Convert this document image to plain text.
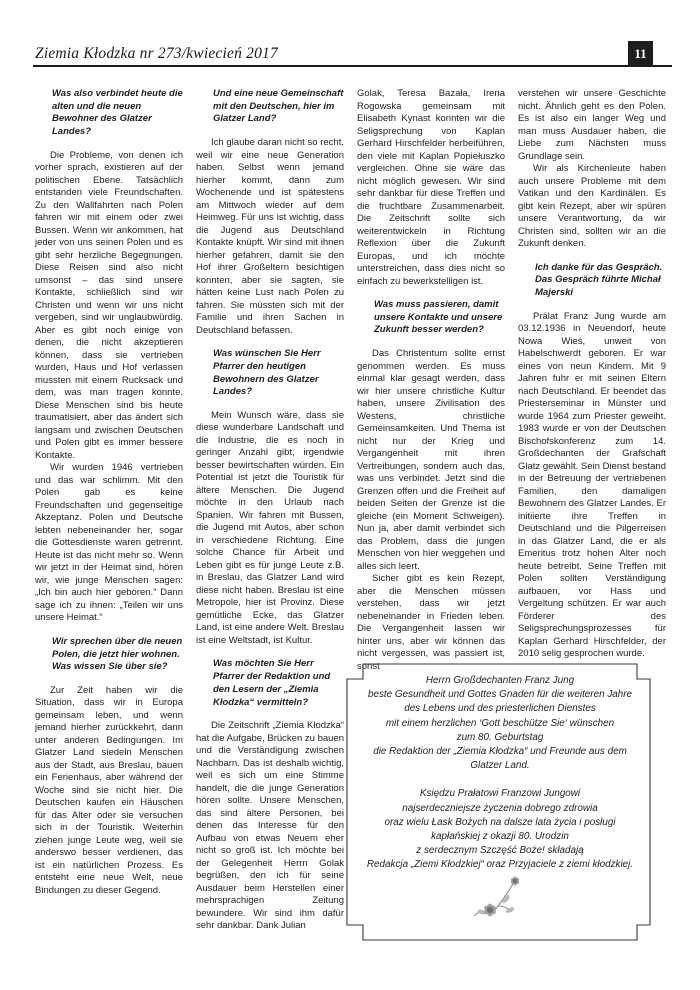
Ziemia Kłodzka nr 273/kwiecień 2017	11
Was also verbindet heute die alten und die neuen Bewohner des Glatzer Landes?

Die Probleme, von denen ich vorher sprach, existieren auf der politischen Ebene. Tatsächlich entstanden viele Freundschaften. Zu den Wallfahrten nach Polen fahren wir mit einem oder zwei Bussen. Wenn wir ankommen, hat jeder von uns seinen Polen und es gibt sehr herzliche Begegnungen. Diese Reisen sind also nicht umsonst – das sind unsere Kontakte, schließlich sind wir Christen und wenn wir uns nicht vergeben, sind wir unglaubwürdig. Aber es gibt noch einige von denen, die nicht akzeptieren können, dass sie vertrieben wurden, Haus und Hof verlassen mussten mit einem Rucksack und dem, was man tragen konnte. Diese Menschen sind bis heute traumatisiert, aber das ändert sich langsam und zwischen Deutschen und Polen gibt es immer bessere Kontakte.

Wir wurden 1946 vertrieben und das war schlimm. Mit den Polen gab es keine Freundschaften und gegenseitige Akzeptanz. Polen und Deutsche lebten nebeneinander her, sogar die Gottesdienste waren getrennt. Heute ist das nicht mehr so. Wenn wir jetzt in der Heimat sind, hören wir, wie junge Menschen sagen: „Ich bin auch hier geboren.“ Dann sage ich zu ihnen: „Teilen wir uns unsere Heimat.“

Wir sprechen über die neuen Polen, die jetzt hier wohnen. Was wissen Sie über sie?

Zur Zeit haben wir die Situation, dass wir in Europa gemeinsam leben, und wenn jemand hierher zurückkehrt, dann unter anderen Bedingungen. Im Glatzer Land siedeln Menschen aus der Stadt, aus Breslau, bauen ein Ferienhaus, aber während der Woche sind sie nicht hier. Die Deutschen kaufen ein Häuschen für das Alter oder sie versuchen sich in der Touristik. Weiterhin ziehen junge Leute weg, weil sie anderswo besser verdienen, das ist ein natürlichen Prozess. Es entsteht eine neue Welt, neue Bindungen zu dieser Gegend.

Und eine neue Gemeinschaft mit den Deutschen, hier im Glatzer Land?

Ich glaube daran nicht so recht, weil wir eine neue Generation haben. Selbst wenn jemand hierher kommt, dann zum Wochenende und ist spätestens am Mittwoch wieder auf dem Heimweg. Für uns ist wichtig, dass die Jugend aus Deutschland Kontakte knüpft. Wir sind mit ihnen hierher gefahren, damit sie den Hof ihrer Großeltern besichtigen konnten, aber sie sagten, sie hätten keine Lust nach Polen zu fahren. Sie müssten sich mit der Familie und ihren Sachen in Deutschland befassen.

Was wünschen Sie Herr Pfarrer den heutigen Bewohnern des Glatzer Landes?

Mein Wunsch wäre, dass sie diese wunderbare Landschaft und die Industrie, die es noch in geringer Anzahl gibt, irgendwie besser bewirtschaften würden. Ein Potential ist jetzt die Touristik für ältere Menschen. Die Jugend möchte in den Urlaub nach Spanien. Wir fahren mit Bussen, die Jugend mit Autos, aber schon in verschiedene Richtung. Eine solche Chance für Arbeit und Leben gibt es für junge Leute z.B. in Breslau, das Glatzer Land wird diese nicht haben. Breslau ist eine Metropole, hier ist Provinz. Diese gemütliche Ecke, das Glatzer Land, ist eine andere Welt. Breslau ist eine Weltstadt, ist Kultur.

Was möchten Sie Herr Pfarrer der Redaktion und den Lesern der „Ziemia Kłodzka“ vermitteln?

Die Zeitschrift „Ziemia Kłodzka“ hat die Aufgabe, Brücken zu bauen und die Verständigung zwischen Nachbarn. Das ist deshalb wichtig, weil es sich um eine Stimme handelt, die die junge Generation hören sollte. Unsere Menschen, das sind ältere Personen, bei denen das Interesse für den Aufbau von etwas Neuem eher nicht so groß ist. Ich möchte bei der Gelegenheit Herrn Golak begrüßen, den ich für seine Ausdauer beim Herstellen einer mehrsprachigen Zeitung bewundere. Wir sind ihm dafür sehr dankbar. Dank Julian

Golak, Teresa Bazała, Irena Rogowska gemeinsam mit Elisabeth Kynast konnten wir die Seligsprechung von Kaplan Gerhard Hirschfelder herbeiführen, den viele mit Kaplan Popiełuszko vergleichen. Ohne sie wäre das nicht möglich gewesen. Wir sind sehr dankbar für diese Treffen und die fruchtbare Zusammenarbeit. Die Zeitschrift sollte sich weiterentwickeln in Richtung Reflexion über die Zukunft Europas, und ich möchte unterstreichen, dass dies nicht so einfach zu bewerkstelligen ist.

Was muss passieren, damit unsere Kontakte und unsere Zukunft besser werden?

Das Christentum sollte ernst genommen werden. Es muss einmal klar gesagt werden, dass wir hier unsere christliche Kultur haben, unsere Zivilisation des Westens, christliche Gemeinsamkeiten. Und Thema ist nicht nur der Krieg und Vergangenheit mit ihren Vertreibungen, sondern auch das, was uns verbindet. Jetzt sind die Grenzen offen und die Freiheit auf beiden Seiten der Grenze ist die gleiche (ein Moment Schweigen). Nun ja, aber damit verbindet sich das Problem, dass die jungen Menschen von hier weggehen und alles sich leert.

Sicher gibt es kein Rezept, aber die Menschen müssen verstehen, dass wir jetzt nebeneinander in Frieden leben. Die Vergangenheit lassen wir hinter uns, aber wir können das nicht vergessen, was passiert ist, sonst

verstehen wir unsere Geschichte nicht. Ähnlich geht es den Polen. Es ist also ein langer Weg und man muss Ausdauer haben, die Liebe zum Nächsten muss Grundlage sein.

Wir als Kirchenleute haben auch unsere Probleme mit dem Vatikan und den Kardinälen. Es gibt kein Rezept, aber wir spüren unsere Verantwortung, da wir Christen sind, sollten wir an die Zukunft denken.

Ich danke für das Gespräch. Das Gespräch führte Michał Majerski

Prälat Franz Jung wurde am 03.12.1936 in Neuendorf, heute Nowa Wieś, unweit von Habelschwerdt geboren. Er war eines von neun Kindern. Mit 9 Jahren fuhr er mit seinen Eltern nach Deutschland. Er beendet das Priesterseminar in Münster und wurde 1964 zum Priester geweiht. 1983 wurde er von der Deutschen Bischofskonferenz zum 14. Großdechanten der Grafschaft Glatz gewählt. Sein Dienst bestand in der Betreuung der vertriebenen Familien, den damaligen Bewohnern des Glatzer Landes. Er initiierte ihre Treffen in Deutschland und die Pilgerreisen in das Glatzer Land, die er als Emeritus trotz hohen Alter noch heute betreibt. Seine Treffen mit Polen sollten Verständigung aufbauen, vor Hass und Vergeltung schützen. Er war auch Förderer des Seligsprechungsprozesses für Kaplan Gerhard Hirschfelder, der 2010 selig gesprochen wurde.

Herrn Großdechanten Franz Jung
beste Gesundheit und Gottes Gnaden für die weiteren Jahre
des Lebens und des priesterlichen Dienstes
mit einem herzlichen ‘Gott beschütze Sie‘ wünschen
zum 80. Geburtstag
die Redaktion der „Ziemia Kłodzka“ und Freunde aus dem
Glatzer Land.
Księdzu Prałatowi Franzowi Jungowi
najserdeczniejsze życzenia dobrego zdrowia
oraz wielu Łask Bożych na dalsze lata życia i posługi
kapłańskiej z okazji 80. Urodzin
z serdecznym Szczęść Boże! składają
Redakcja „Ziemi Kłodzkiej“ oraz Przyjaciele z ziemi kłodzkiej.
